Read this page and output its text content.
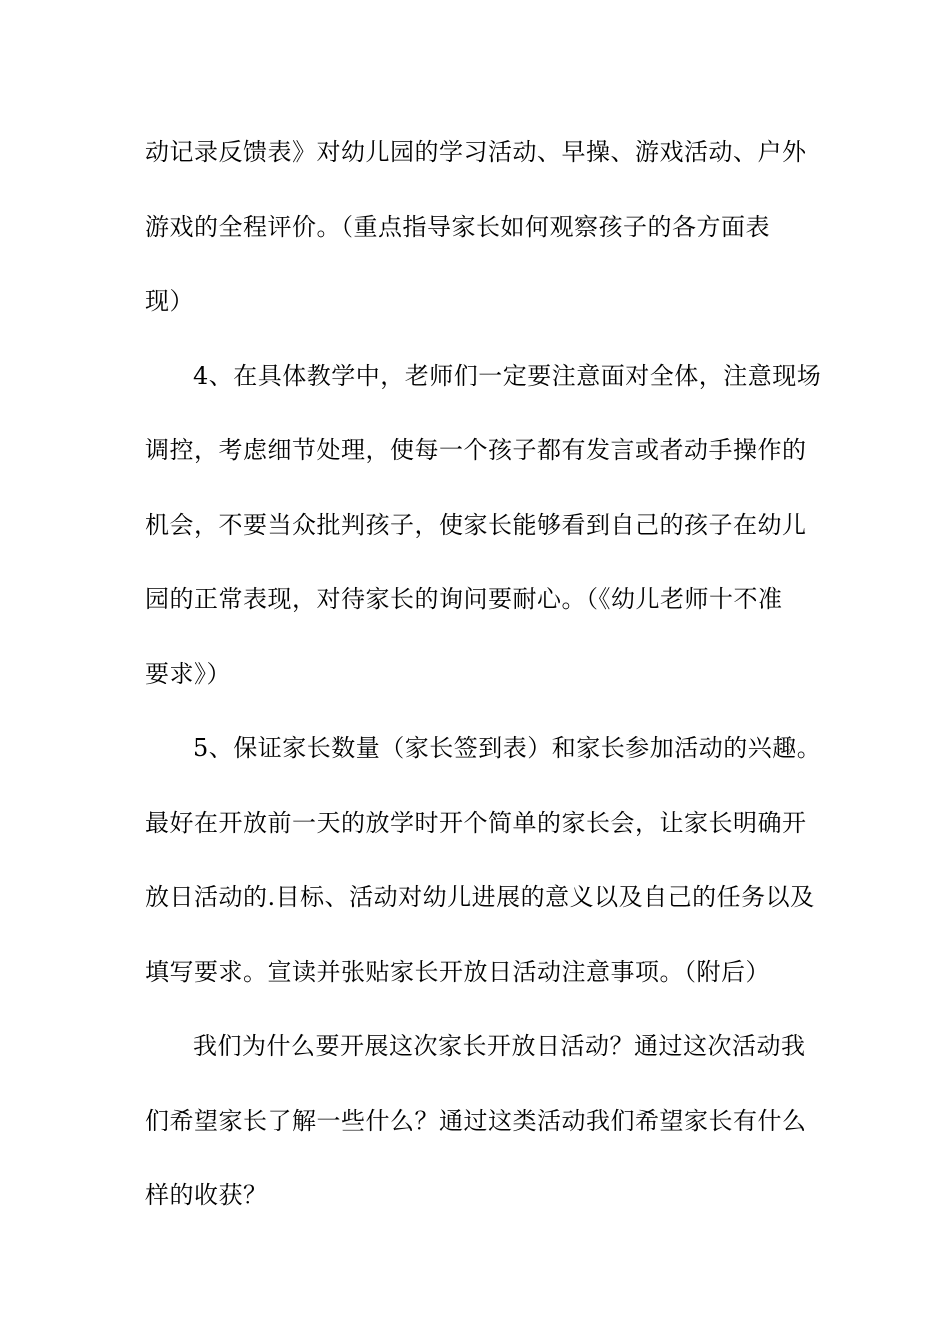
动记录反馈表》对幼儿园的学习活动、早操、游戏活动、户外
游戏的全程评价。（重点指导家长如何观察孩子的各方面表
现）
4、在具体教学中，老师们一定要注意面对全体，注意现场
调控，考虑细节处理，使每一个孩子都有发言或者动手操作的
机会，不要当众批判孩子，使家长能够看到自己的孩子在幼儿
园的正常表现，对待家长的询问要耐心。（《幼儿老师十不准
要求》）
5、保证家长数量（家长签到表）和家长参加活动的兴趣。
最好在开放前一天的放学时开个简单的家长会，让家长明确开
放日活动的.目标、活动对幼儿进展的意义以及自己的任务以及
填写要求。宣读并张贴家长开放日活动注意事项。（附后）
我们为什么要开展这次家长开放日活动？通过这次活动我
们希望家长了解一些什么？通过这类活动我们希望家长有什么
样的收获？
